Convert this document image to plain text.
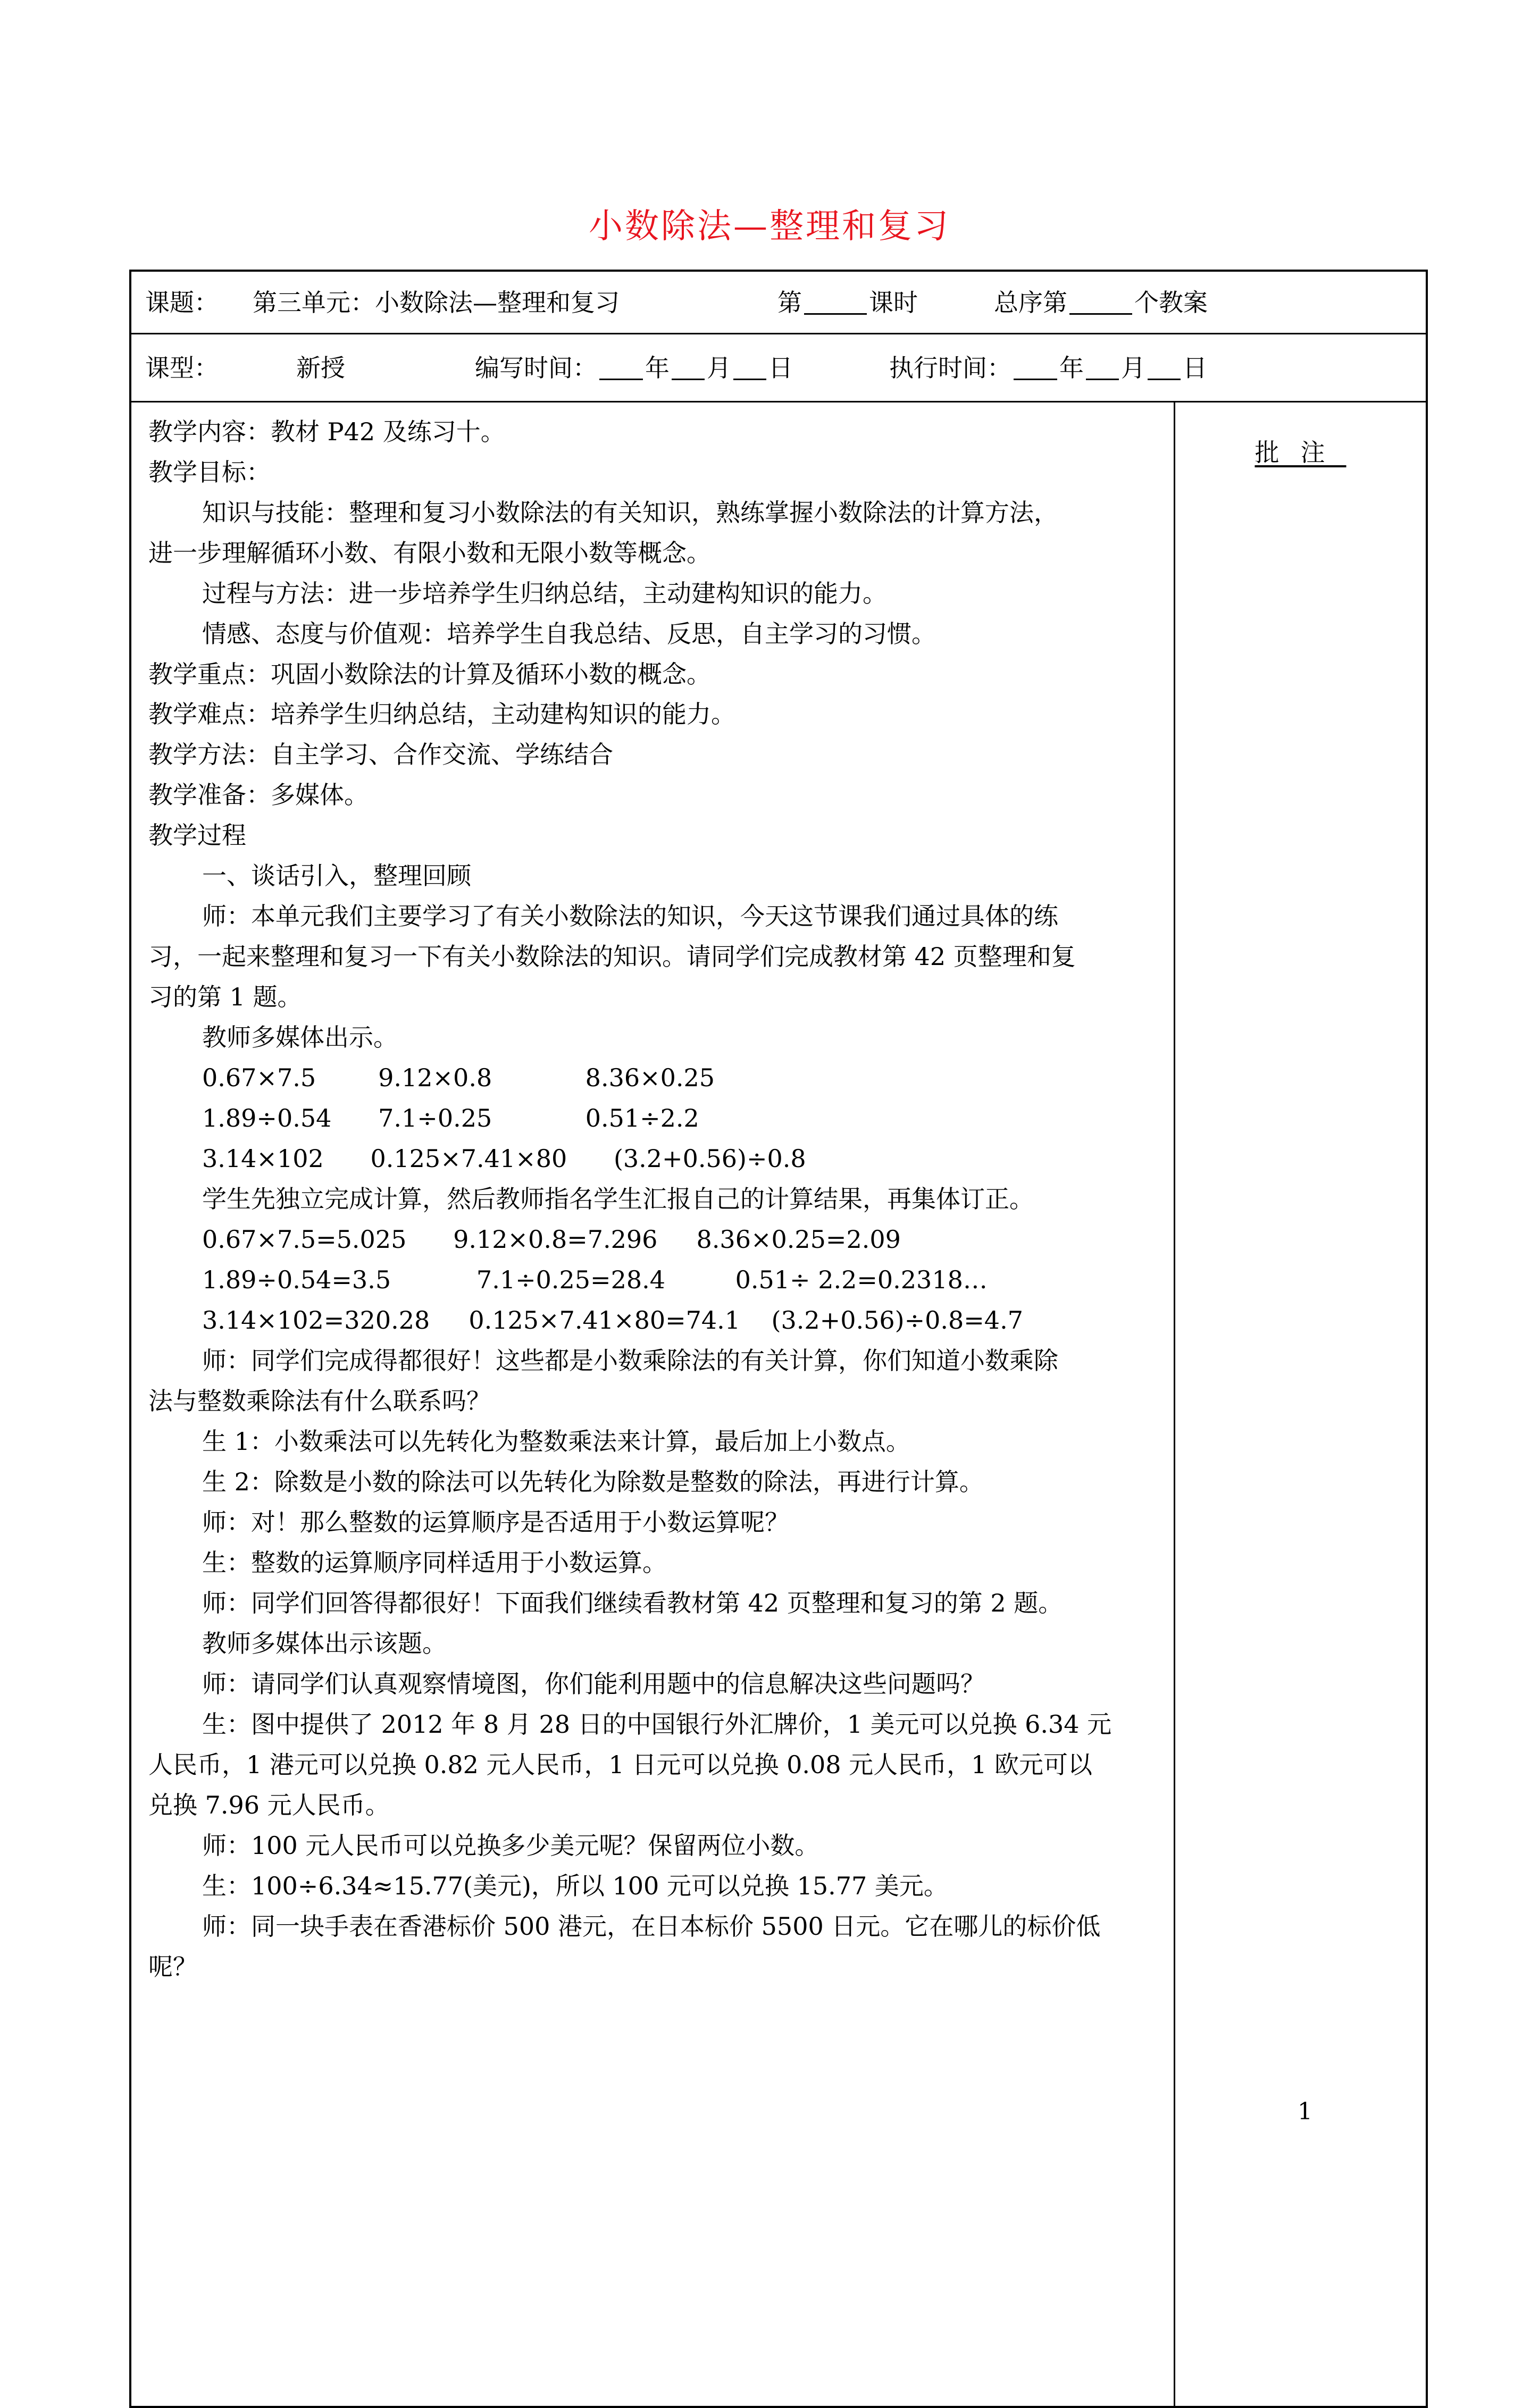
小数除法—整理和复习
课题： 第三单元：小数除法—整理和复习	第	课时	总序第	个教案
课型：	新授	编写时间： 年 月 日	执行时间： 年 月 日
教学内容：教材 P42 及练习十。
教学目标：
知识与技能：整理和复习小数除法的有关知识，熟练掌握小数除法的计算方法，
进一步理解循环小数、有限小数和无限小数等概念。
过程与方法：进一步培养学生归纳总结，主动建构知识的能力。
情感、态度与价值观：培养学生自我总结、反思，自主学习的习惯。
教学重点：巩固小数除法的计算及循环小数的概念。
教学难点：培养学生归纳总结，主动建构知识的能力。
教学方法：自主学习、合作交流、学练结合
教学准备：多媒体。
教学过程
一、谈话引入，整理回顾
师：本单元我们主要学习了有关小数除法的知识，今天这节课我们通过具体的练
习，一起来整理和复习一下有关小数除法的知识。请同学们完成教材第 42 页整理和复
习的第 1 题。
教师多媒体出示。
0.67×7.5        9.12×0.8            8.36×0.25
1.89÷0.54      7.1÷0.25            0.51÷2.2
3.14×102      0.125×7.41×80      (3.2+0.56)÷0.8
学生先独立完成计算，然后教师指名学生汇报自己的计算结果，再集体订正。
0.67×7.5=5.025      9.12×0.8=7.296     8.36×0.25=2.09
1.89÷0.54=3.5           7.1÷0.25=28.4         0.51÷ 2.2=0.2318…
3.14×102=320.28     0.125×7.41×80=74.1    (3.2+0.56)÷0.8=4.7
师：同学们完成得都很好！这些都是小数乘除法的有关计算，你们知道小数乘除
法与整数乘除法有什么联系吗？
生 1：小数乘法可以先转化为整数乘法来计算，最后加上小数点。
生 2：除数是小数的除法可以先转化为除数是整数的除法，再进行计算。
师：对！那么整数的运算顺序是否适用于小数运算呢？
生：整数的运算顺序同样适用于小数运算。
师：同学们回答得都很好！下面我们继续看教材第 42 页整理和复习的第 2 题。
教师多媒体出示该题。
师：请同学们认真观察情境图，你们能利用题中的信息解决这些问题吗？
生：图中提供了 2012 年 8 月 28 日的中国银行外汇牌价，1 美元可以兑换 6.34 元
人民币，1 港元可以兑换 0.82 元人民币，1 日元可以兑换 0.08 元人民币，1 欧元可以
兑换 7.96 元人民币。
师：100 元人民币可以兑换多少美元呢？保留两位小数。
生：100÷6.34≈15.77(美元)，所以 100 元可以兑换 15.77 美元。
师：同一块手表在香港标价 500 港元，在日本标价 5500 日元。它在哪儿的标价低
呢？
批注
1
